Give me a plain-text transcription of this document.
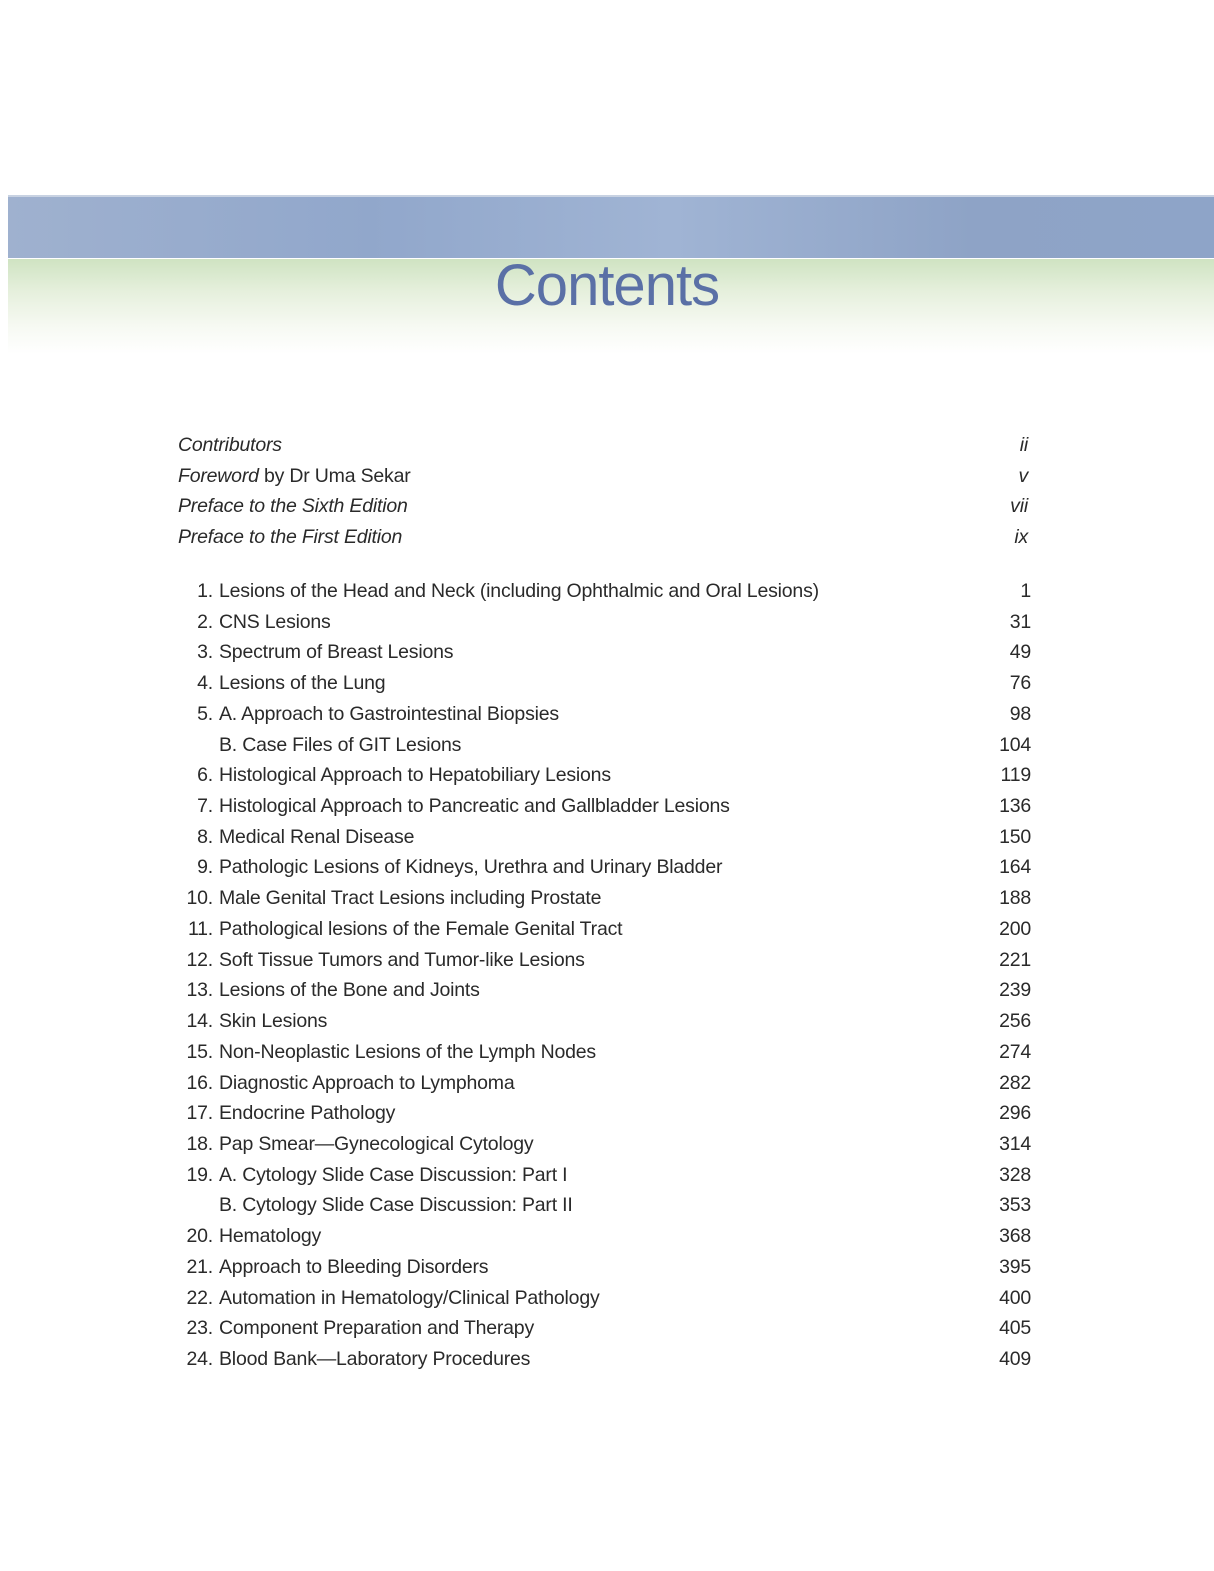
Contents
Contributors	ii
Foreword by Dr Uma Sekar	v
Preface to the Sixth Edition	vii
Preface to the First Edition	ix
1. Lesions of the Head and Neck (including Ophthalmic and Oral Lesions)	1
2. CNS Lesions	31
3. Spectrum of Breast Lesions	49
4. Lesions of the Lung	76
5. A. Approach to Gastrointestinal Biopsies	98
B. Case Files of GIT Lesions	104
6. Histological Approach to Hepatobiliary Lesions	119
7. Histological Approach to Pancreatic and Gallbladder Lesions	136
8. Medical Renal Disease	150
9. Pathologic Lesions of Kidneys, Urethra and Urinary Bladder	164
10. Male Genital Tract Lesions including Prostate	188
11. Pathological lesions of the Female Genital Tract	200
12. Soft Tissue Tumors and Tumor-like Lesions	221
13. Lesions of the Bone and Joints	239
14. Skin Lesions	256
15. Non-Neoplastic Lesions of the Lymph Nodes	274
16. Diagnostic Approach to Lymphoma	282
17. Endocrine Pathology	296
18. Pap Smear—Gynecological Cytology	314
19. A. Cytology Slide Case Discussion: Part I	328
B. Cytology Slide Case Discussion: Part II	353
20. Hematology	368
21. Approach to Bleeding Disorders	395
22. Automation in Hematology/Clinical Pathology	400
23. Component Preparation and Therapy	405
24. Blood Bank—Laboratory Procedures	409
